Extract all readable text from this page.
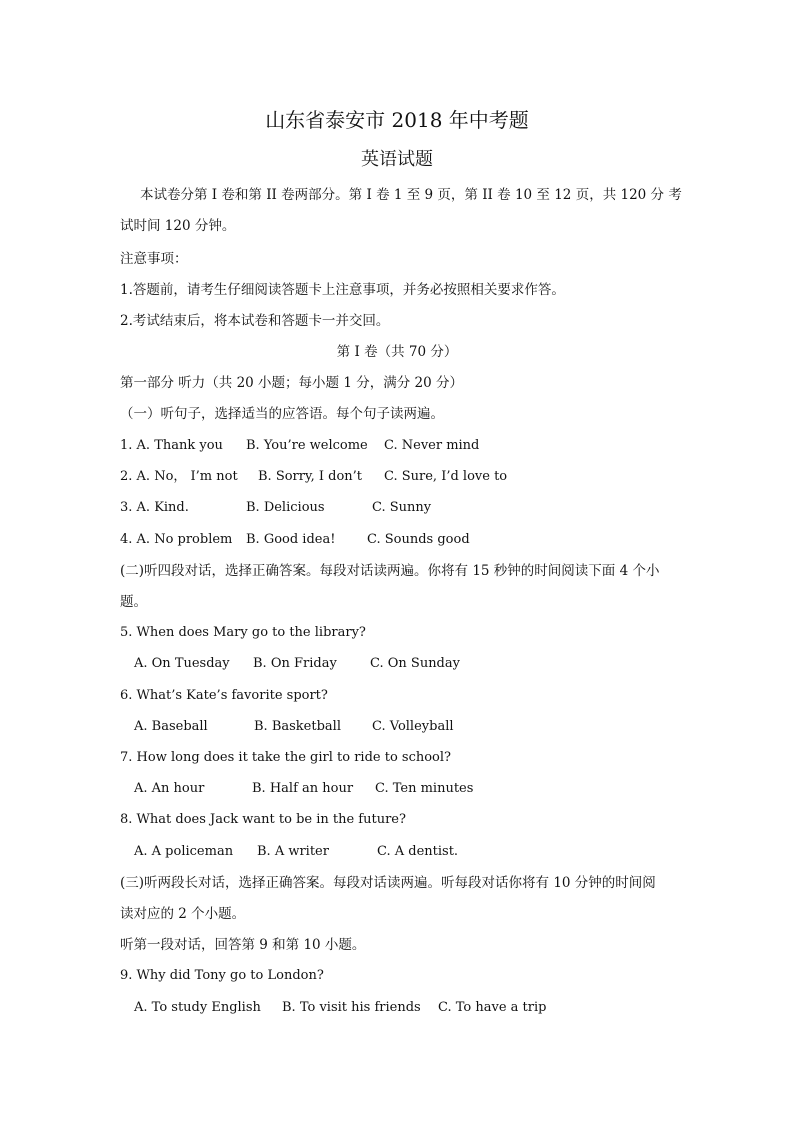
山东省泰安市 2018 年中考题
英语试题
本试卷分第 I 卷和第 II 卷两部分。第 I 卷 1 至 9 页，第 II 卷 10 至 12 页，共 120 分 考
试时间 120 分钟。
注意事项：
1.答题前，请考生仔细阅读答题卡上注意事项，并务必按照相关要求作答。
2.考试结束后，将本试卷和答题卡一并交回。
第 I 卷（共 70 分）
第一部分 听力（共 20 小题；每小题 1 分，满分 20 分）
（一）听句子，选择适当的应答语。每个句子读两遍。
1. A. Thank you B. You’re welcome C. Never mind
2. A. No， I’m not B. Sorry, I don’t C. Sure, I’d love to
3. A. Kind.	B. Delicious	C. Sunny
4. A. No problem B. Good idea! C. Sounds good
(二)听四段对话，选择正确答案。每段对话读两遍。你将有 15 秒钟的时间阅读下面 4 个小
题。
5. When does Mary go to the library?
A. On Tuesday B. On Friday	C. On Sunday
6. What’s Kate’s favorite sport?
A. Baseball	B. Basketball C. Volleyball
7. How long does it take the girl to ride to school?
A. An hour	B. Half an hour C. Ten minutes
8. What does Jack want to be in the future?
A. A policeman B. A writer	C. A dentist.
(三)听两段长对话，选择正确答案。每段对话读两遍。听每段对话你将有 10 分钟的时间阅
读对应的 2 个小题。
听第一段对话，回答第 9 和第 10 小题。
9. Why did Tony go to London?
A. To study English B. To visit his friends C. To have a trip
